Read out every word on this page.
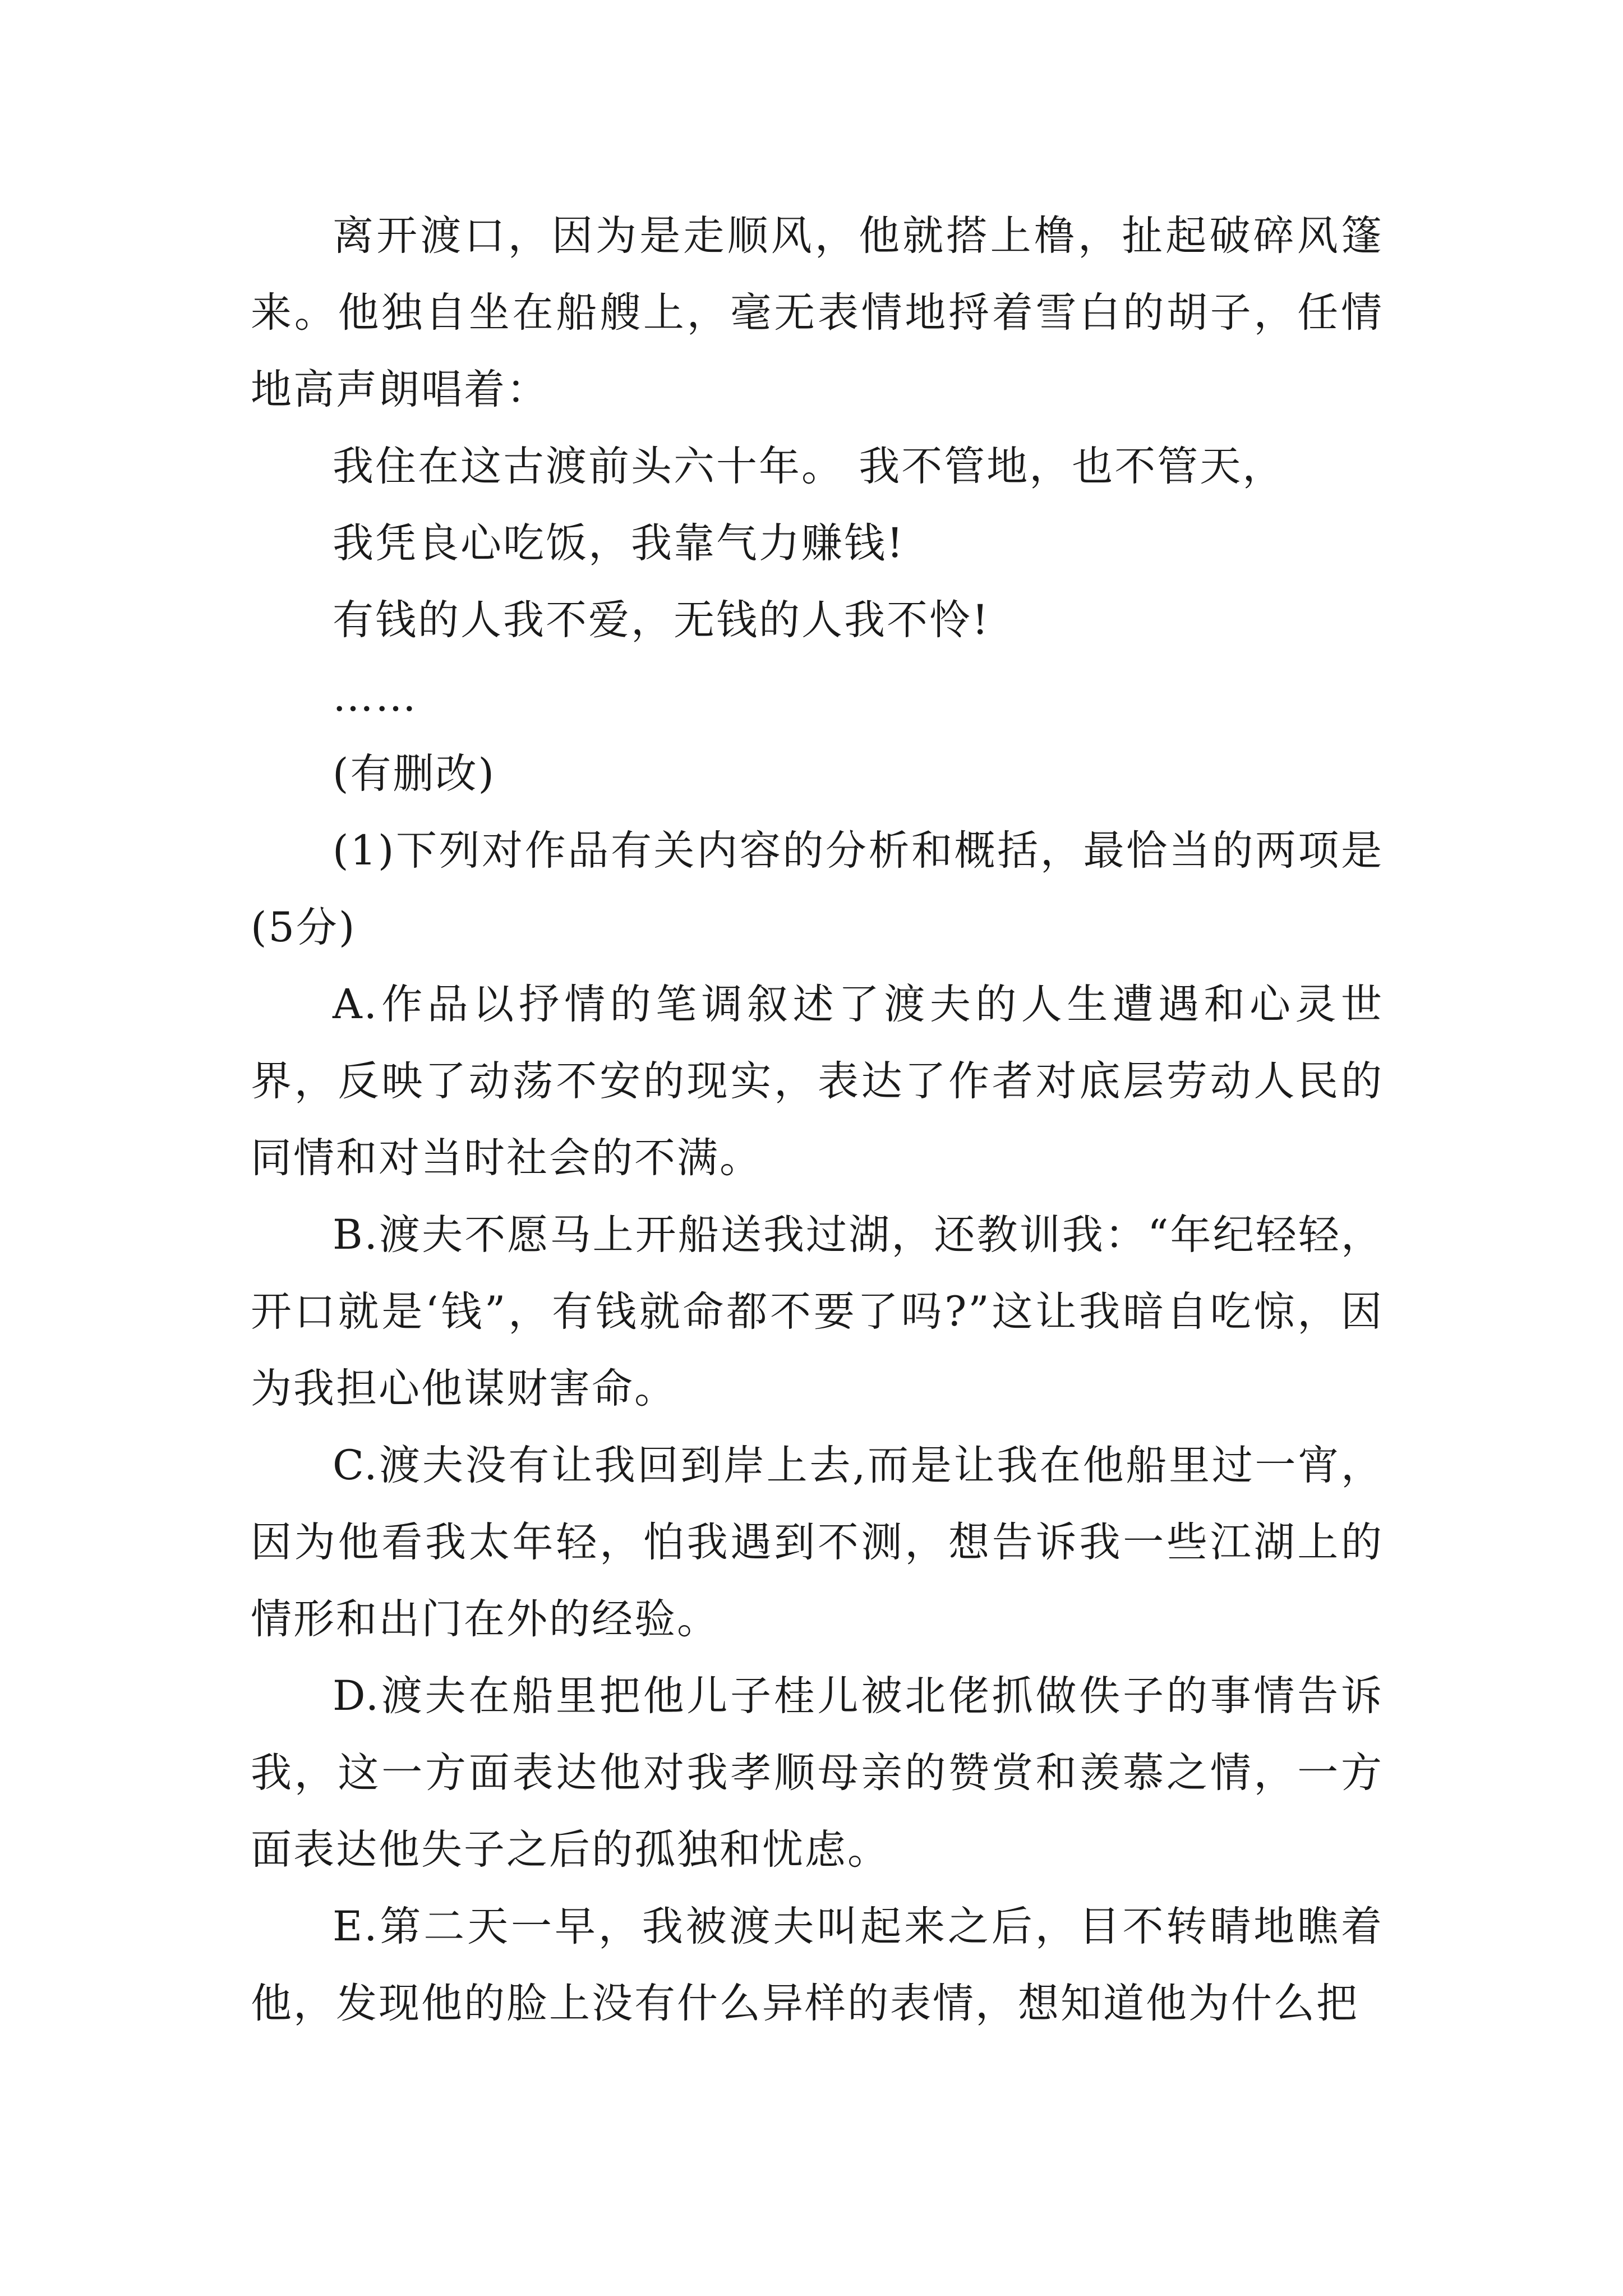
离开渡口，因为是走顺风，他就搭上橹，扯起破碎风篷来。他独自坐在船艘上，毫无表情地捋着雪白的胡子，任情地高声朗唱着：

我住在这古渡前头六十年。 我不管地，也不管天，
我凭良心吃饭，我靠气力赚钱!
有钱的人我不爱，无钱的人我不怜!
……
(有删改)

(1)下列对作品有关内容的分析和概括，最恰当的两项是(5分)

A.作品以抒情的笔调叙述了渡夫的人生遭遇和心灵世界，反映了动荡不安的现实，表达了作者对底层劳动人民的同情和对当时社会的不满。

B.渡夫不愿马上开船送我过湖，还教训我：“年纪轻轻，开口就是‘钱”，有钱就命都不要了吗?”这让我暗自吃惊，因为我担心他谋财害命。

C.渡夫没有让我回到岸上去,而是让我在他船里过一宵，因为他看我太年轻，怕我遇到不测，想告诉我一些江湖上的情形和出门在外的经验。

D.渡夫在船里把他儿子桂儿被北佬抓做佚子的事情告诉我，这一方面表达他对我孝顺母亲的赞赏和羡慕之情，一方面表达他失子之后的孤独和忧虑。

E.第二天一早，我被渡夫叫起来之后，目不转睛地瞧着他，发现他的脸上没有什么异样的表情，想知道他为什么把
